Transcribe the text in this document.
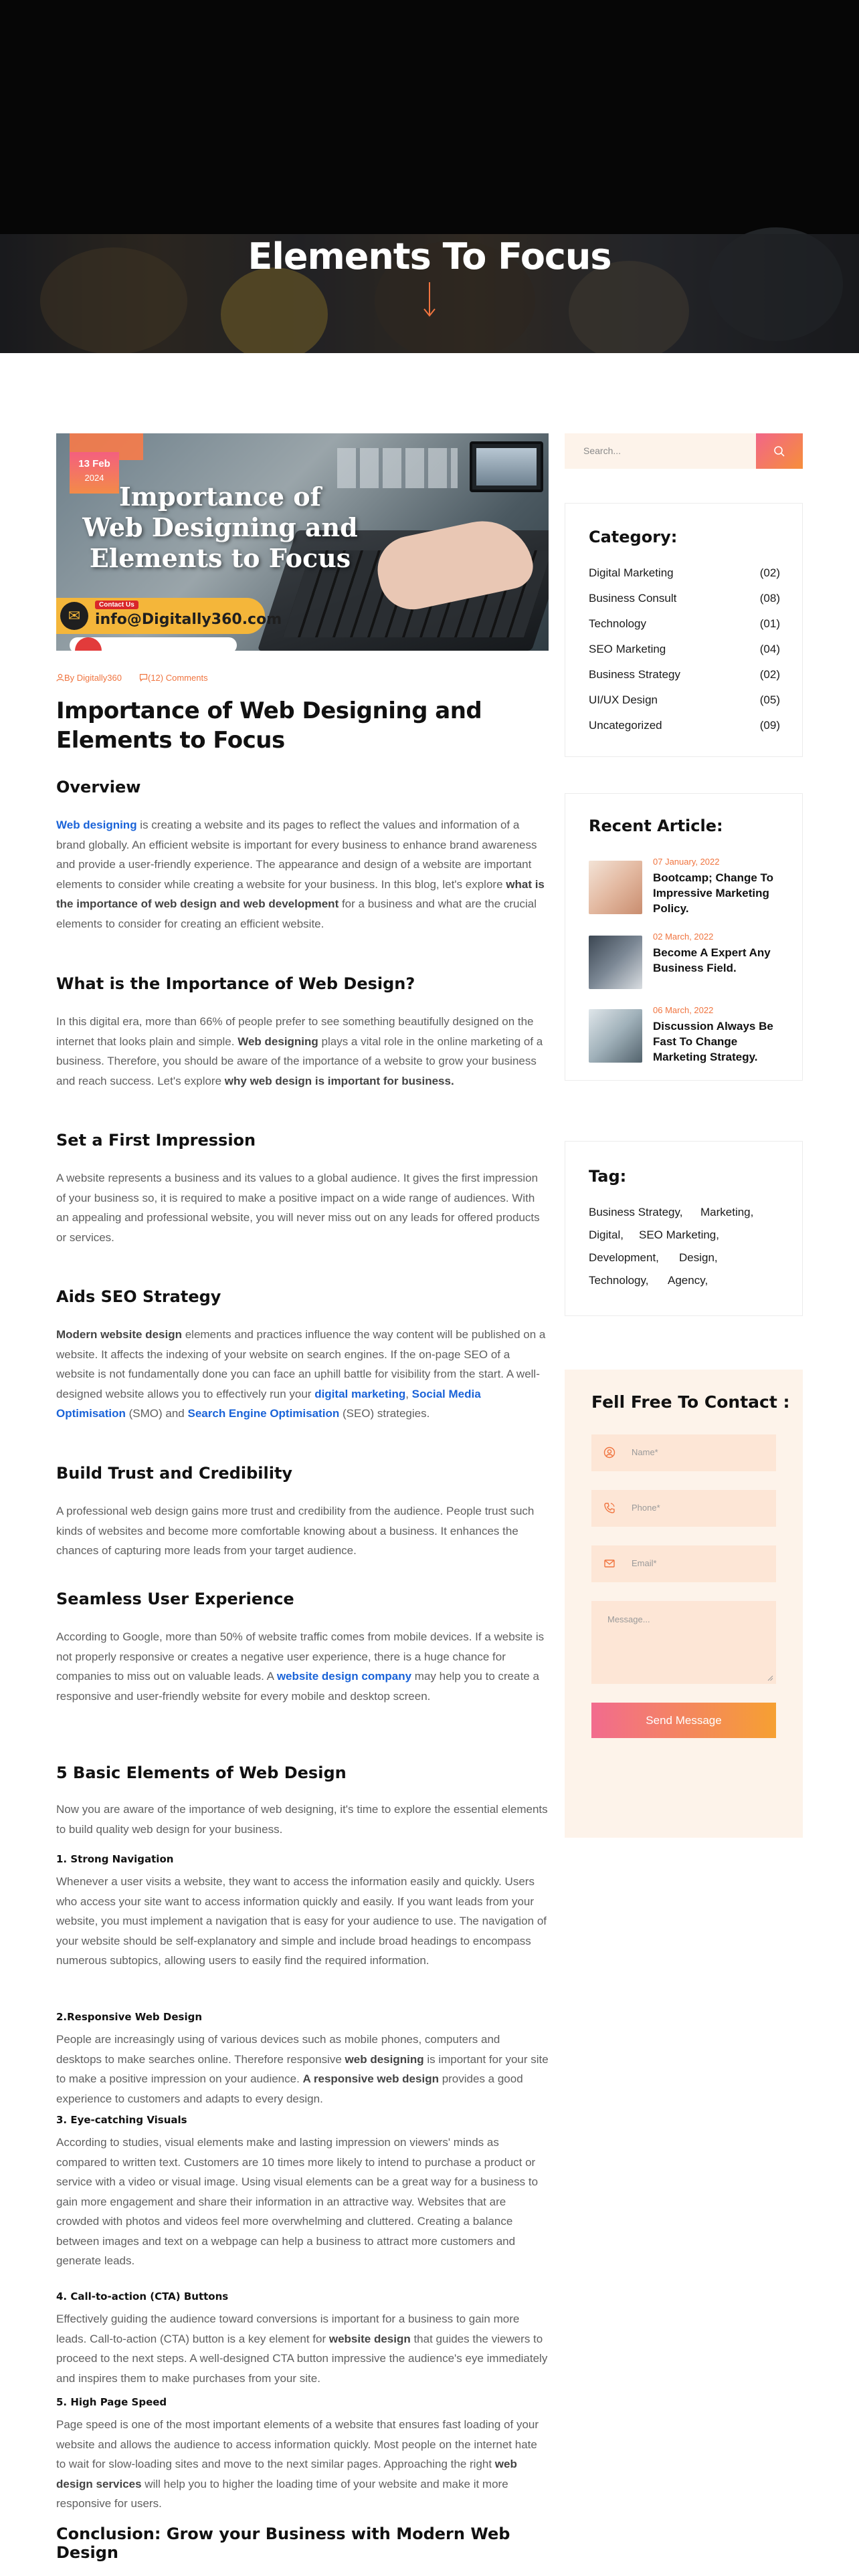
Elements To Focus
13 Feb
2024
Importance of
Web Designing and
Elements to Focus
✉
Contact Us
info@Digitally360.com
By Digitally360	(12) Comments
Importance of Web Designing and Elements to Focus
Overview

Web designing is creating a website and its pages to reflect the values and information of a brand globally. An efficient website is important for every business to enhance brand awareness and provide a user-friendly experience. The appearance and design of a website are important elements to consider while creating a website for your business. In this blog, let's explore what is the importance of web design and web development for a business and what are the crucial elements to consider for creating an efficient website.

What is the Importance of Web Design?

In this digital era, more than 66% of people prefer to see something beautifully designed on the internet that looks plain and simple. Web designing plays a vital role in the online marketing of a business. Therefore, you should be aware of the importance of a website to grow your business and reach success. Let's explore why web design is important for business.

Set a First Impression

A website represents a business and its values to a global audience. It gives the first impression of your business so, it is required to make a positive impact on a wide range of audiences. With an appealing and professional website, you will never miss out on any leads for offered products or services.

Aids SEO Strategy

Modern website design elements and practices influence the way content will be published on a website. It affects the indexing of your website on search engines. If the on-page SEO of a website is not fundamentally done you can face an uphill battle for visibility from the start. A well-designed website allows you to effectively run your digital marketing, Social Media Optimisation (SMO) and Search Engine Optimisation (SEO) strategies.

Build Trust and Credibility

A professional web design gains more trust and credibility from the audience. People trust such kinds of websites and become more comfortable knowing about a business. It enhances the chances of capturing more leads from your target audience.

Seamless User Experience

According to Google, more than 50% of website traffic comes from mobile devices. If a website is not properly responsive or creates a negative user experience, there is a huge chance for companies to miss out on valuable leads. A website design company may help you to create a responsive and user-friendly website for every mobile and desktop screen.

5 Basic Elements of Web Design

Now you are aware of the importance of web designing, it's time to explore the essential elements to build quality web design for your business.

1. Strong Navigation

Whenever a user visits a website, they want to access the information easily and quickly. Users who access your site want to access information quickly and easily. If you want leads from your website, you must implement a navigation that is easy for your audience to use. The navigation of your website should be self-explanatory and simple and include broad headings to encompass numerous subtopics, allowing users to easily find the required information.

2.Responsive Web Design

People are increasingly using of various devices such as mobile phones, computers and desktops to make searches online. Therefore responsive web designing is important for your site to make a positive impression on your audience. A responsive web design provides a good experience to customers and adapts to every design.

3. Eye-catching Visuals

According to studies, visual elements make and lasting impression on viewers' minds as compared to written text. Customers are 10 times more likely to intend to purchase a product or service with a video or visual image. Using visual elements can be a great way for a business to gain more engagement and share their information in an attractive way. Websites that are crowded with photos and videos feel more overwhelming and cluttered. Creating a balance between images and text on a webpage can help a business to attract more customers and generate leads.

4. Call-to-action (CTA) Buttons

Effectively guiding the audience toward conversions is important for a business to gain more leads. Call-to-action (CTA) button is a key element for website design that guides the viewers to proceed to the next steps. A well-designed CTA button impressive the audience's eye immediately and inspires them to make purchases from your site.

5. High Page Speed

Page speed is one of the most important elements of a website that ensures fast loading of your website and allows the audience to access information quickly. Most people on the internet hate to wait for slow-loading sites and move to the next similar pages. Approaching the right web design services will help you to higher the loading time of your website and make it more responsive for users.

Conclusion: Grow your Business with Modern Web Design
Search...
Category:
Digital Marketing	(02)
Business Consult	(08)
Technology	(01)
SEO Marketing	(04)
Business Strategy	(02)
UI/UX Design	(05)
Uncategorized	(09)
Recent Article:
07 January, 2022
Bootcamp; Change To Impressive Marketing Policy.
02 March, 2022
Become A Expert Any Business Field.
06 March, 2022
Discussion Always Be Fast To Change Marketing Strategy.
Tag:
Business Strategy, Marketing,
Digital, SEO Marketing,
Development, Design,
Technology, Agency,
Fell Free To Contact :
Name*
Phone*
Email*
Message...
Send Message
